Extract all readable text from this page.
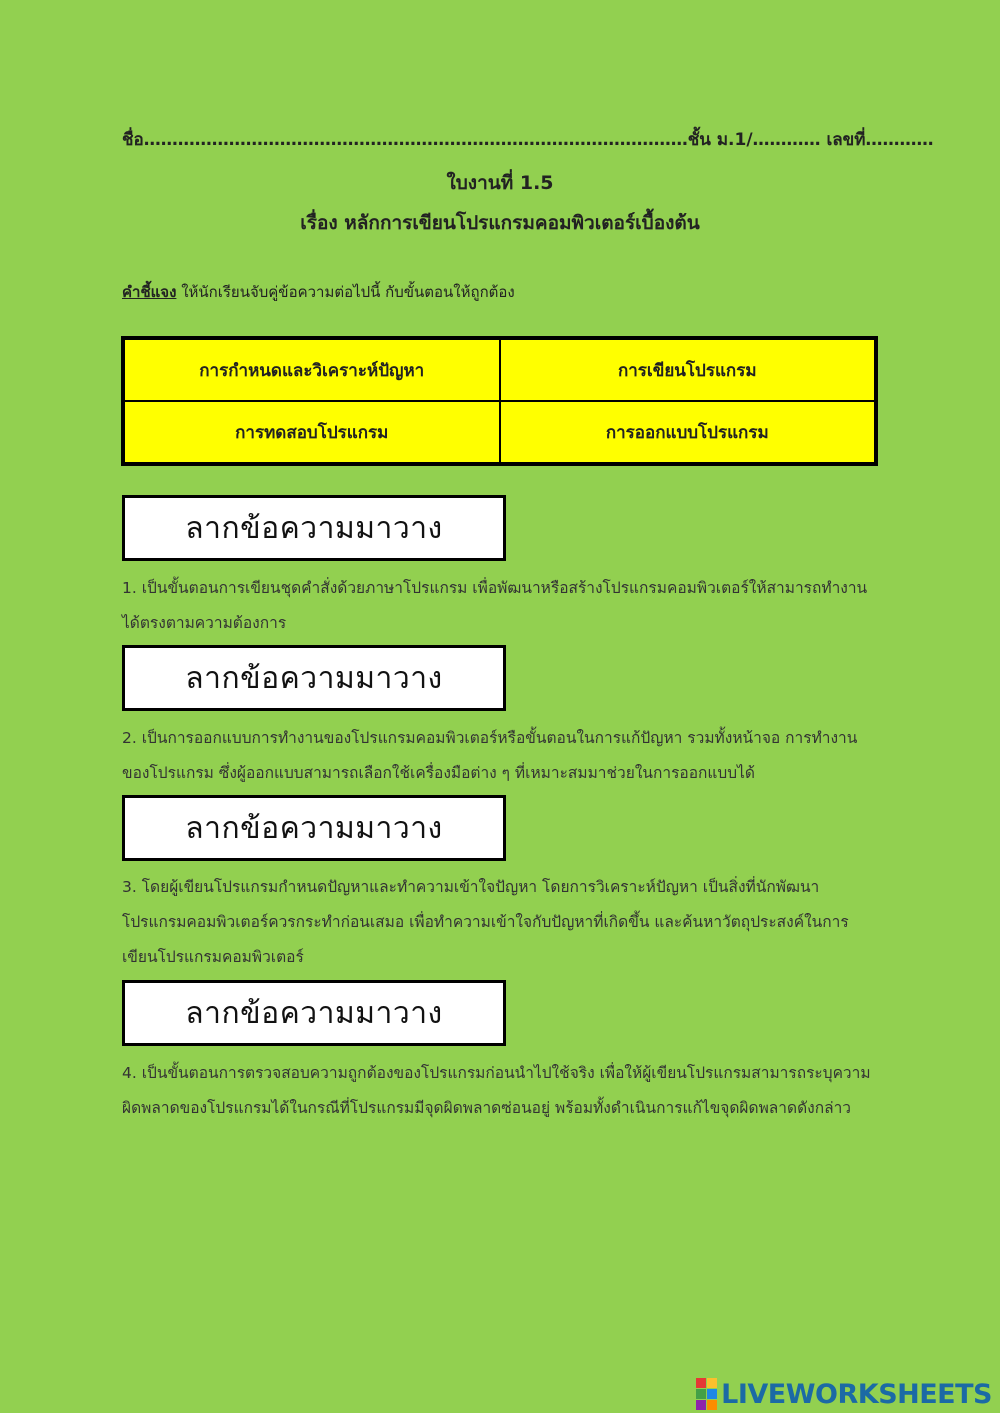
ชื่อ……………………………………………………………………………………ชั้น ม.1/………… เลขที่…………
ใบงานที่ 1.5
เรื่อง หลักการเขียนโปรแกรมคอมพิวเตอร์เบื้องต้น
คำชี้แจง ให้นักเรียนจับคู่ข้อความต่อไปนี้ กับขั้นตอนให้ถูกต้อง
การกำหนดและวิเคราะห์ปัญหา	การเขียนโปรแกรม
การทดสอบโปรแกรม	การออกแบบโปรแกรม
ลากข้อความมาวาง
1. เป็นขั้นตอนการเขียนชุดคำสั่งด้วยภาษาโปรแกรม เพื่อพัฒนาหรือสร้างโปรแกรมคอมพิวเตอร์ให้สามารถทำงานได้ตรงตามความต้องการ
ลากข้อความมาวาง
2. เป็นการออกแบบการทำงานของโปรแกรมคอมพิวเตอร์หรือขั้นตอนในการแก้ปัญหา รวมทั้งหน้าจอ การทำงานของโปรแกรม ซึ่งผู้ออกแบบสามารถเลือกใช้เครื่องมือต่าง ๆ ที่เหมาะสมมาช่วยในการออกแบบได้
ลากข้อความมาวาง
3. โดยผู้เขียนโปรแกรมกำหนดปัญหาและทำความเข้าใจปัญหา โดยการวิเคราะห์ปัญหา เป็นสิ่งที่นักพัฒนาโปรแกรมคอมพิวเตอร์ควรกระทำก่อนเสมอ เพื่อทำความเข้าใจกับปัญหาที่เกิดขึ้น และค้นหาวัตถุประสงค์ในการเขียนโปรแกรมคอมพิวเตอร์
ลากข้อความมาวาง
4. เป็นขั้นตอนการตรวจสอบความถูกต้องของโปรแกรมก่อนนำไปใช้จริง เพื่อให้ผู้เขียนโปรแกรมสามารถระบุความผิดพลาดของโปรแกรมได้ในกรณีที่โปรแกรมมีจุดผิดพลาดซ่อนอยู่ พร้อมทั้งดำเนินการแก้ไขจุดผิดพลาดดังกล่าว
LIVEWORKSHEETS
